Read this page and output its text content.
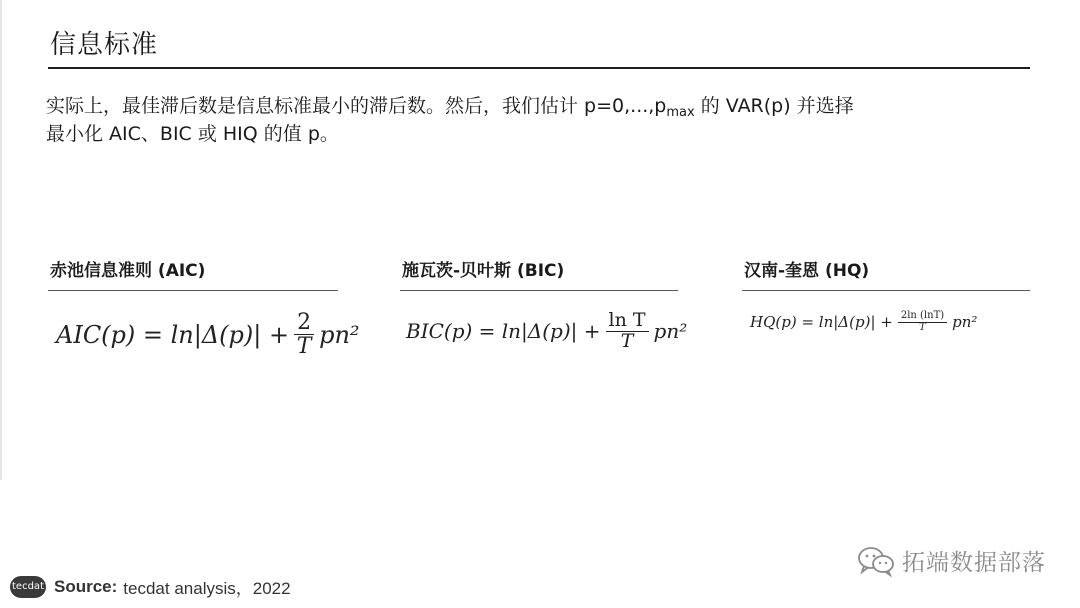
信息标准
实际上，最佳滞后数是信息标准最小的滞后数。然后，我们估计 $p=0,...,p_{max}$ 的 VAR(p) 并选择
最小化 AIC、BIC 或 HIQ 的值 p。
赤池信息准则 (AIC)
$AIC(p) = \ln|\Delta(p)| + \frac{2}{T} pn^2$
施瓦茨-贝叶斯 (BIC)
$BIC(p) = \ln|\Delta(p)| + \frac{\text{ln T}}{T} pn^2$
汉南-奎恩 (HQ)
$HQ(p) = \ln|\Delta(p)| + \frac{2\ln (\ln T)}{T} pn^2$
tecdat Source: tecdat analysis，2022
拓端数据部落
